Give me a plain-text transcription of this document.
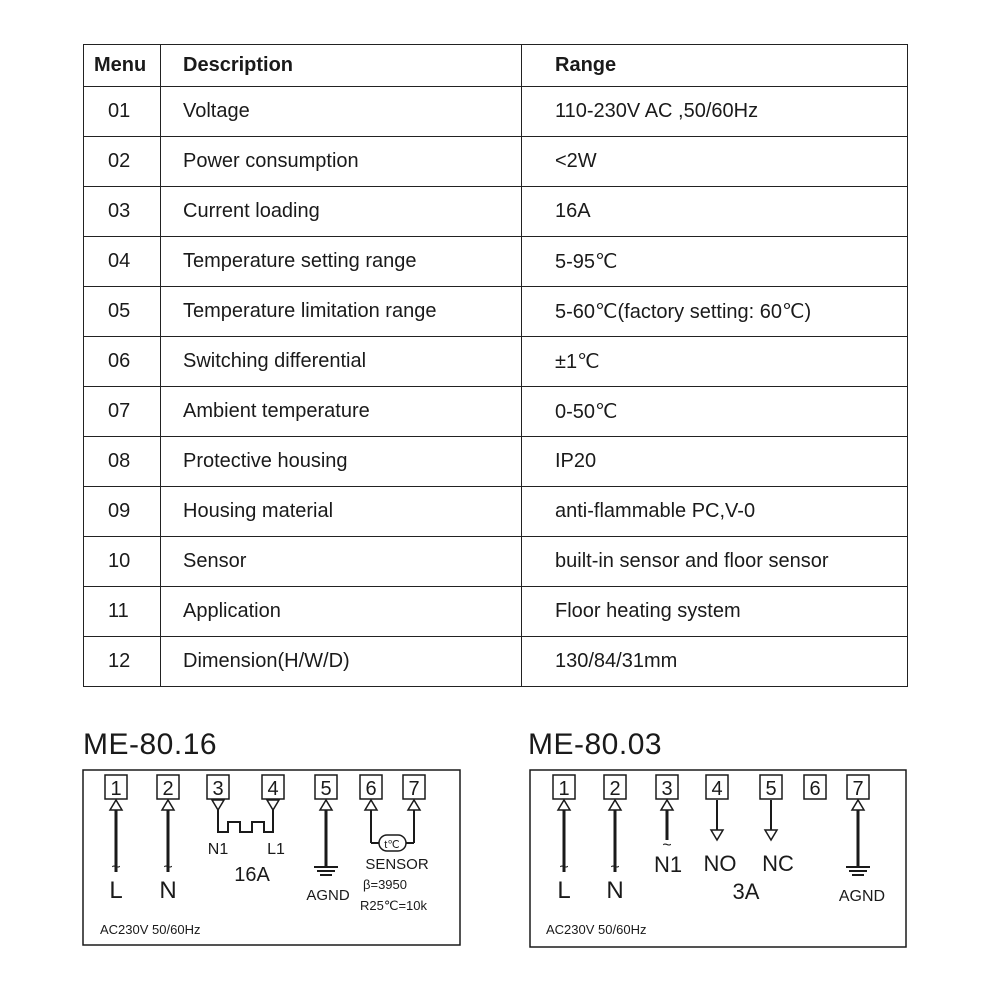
Menu	Description	Range
01	Voltage	110-230V AC ,50/60Hz
02	Power consumption	<2W
03	Current loading	16A
04	Temperature setting range	5-95℃
05	Temperature limitation range	5-60℃(factory setting: 60℃)
06	Switching differential	±1℃
07	Ambient temperature	0-50℃
08	Protective housing	IP20
09	Housing material	anti-flammable PC,V-0
10	Sensor	built-in sensor and floor sensor
11	Application	Floor heating system
12	Dimension(H/W/D)	130/84/31mm
ME-80.16	ME-80.03
1 2 3 4 5 6 7
~
L
~
N
N1 L1
16A
AGND
t℃
SENSOR
β=3950
R25℃=10k
AC230V 50/60Hz
1 2 3 4 5 6 7
~
L
~
N
~
N1 NO NC
3A	AGND
AC230V 50/60Hz
